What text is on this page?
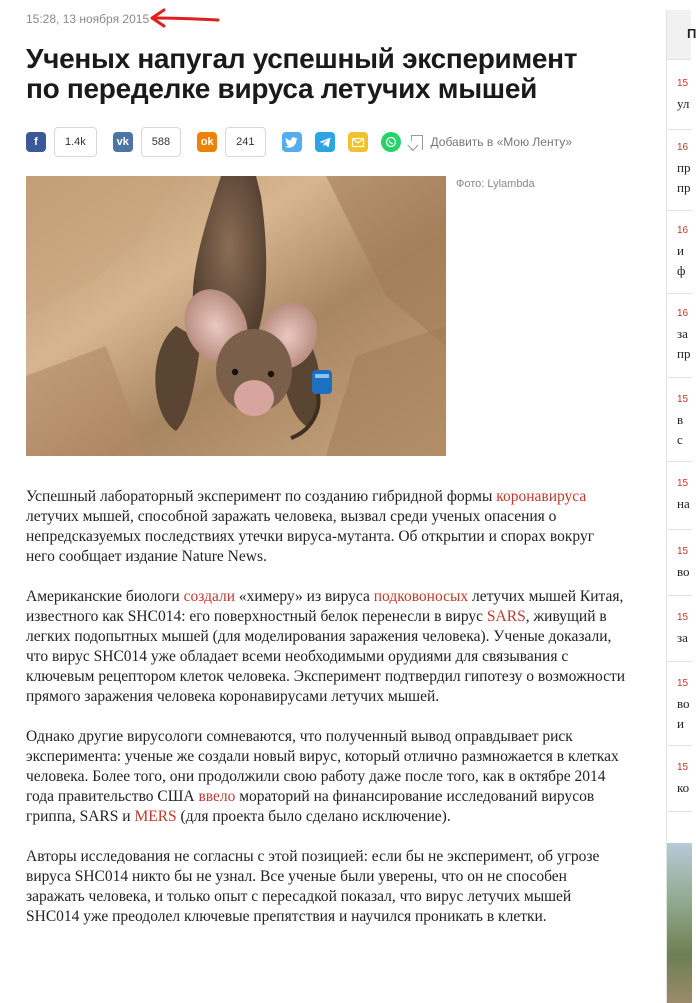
15:28, 13 ноября 2015
Ученых напугал успешный эксперимент
по переделке вируса летучих мышей
f	1.4k	vk	588	ok	241	Добавить в «Мою Ленту»
Фото: Lylambda

Успешный лабораторный эксперимент по созданию гибридной формы коронавируса летучих мышей, способной заражать человека, вызвал среди ученых опасения о непредсказуемых последствиях утечки вируса-мутанта. Об открытии и спорах вокруг него сообщает издание Nature News.

Американские биологи создали «химеру» из вируса подковоносых летучих мышей Китая, известного как SHC014: его поверхностный белок перенесли в вирус SARS, живущий в легких подопытных мышей (для моделирования заражения человека). Ученые доказали, что вирус SHC014 уже обладает всеми необходимыми орудиями для связывания с ключевым рецептором клеток человека. Эксперимент подтвердил гипотезу о возможности прямого заражения человека коронавирусами летучих мышей.

Однако другие вирусологи сомневаются, что полученный вывод оправдывает риск эксперимента: ученые же создали новый вирус, который отлично размножается в клетках человека. Более того, они продолжили свою работу даже после того, как в октябре 2014 года правительство США ввело мораторий на финансирование исследований вирусов гриппа, SARS и MERS (для проекта было сделано исключение).

Авторы исследования не согласны с этой позицией: если бы не эксперимент, об угрозе вируса SHC014 никто бы не узнал. Все ученые были уверены, что он не способен заражать человека, и только опыт с пересадкой показал, что вирус летучих мышей SHC014 уже преодолел ключевые препятствия и научился проникать в клетки.

П
15
ул
16
пр
пр
16
и
ф
16
за
пр
15
в
с
15
на
15
во
15
за
15
во
и
15
ко
